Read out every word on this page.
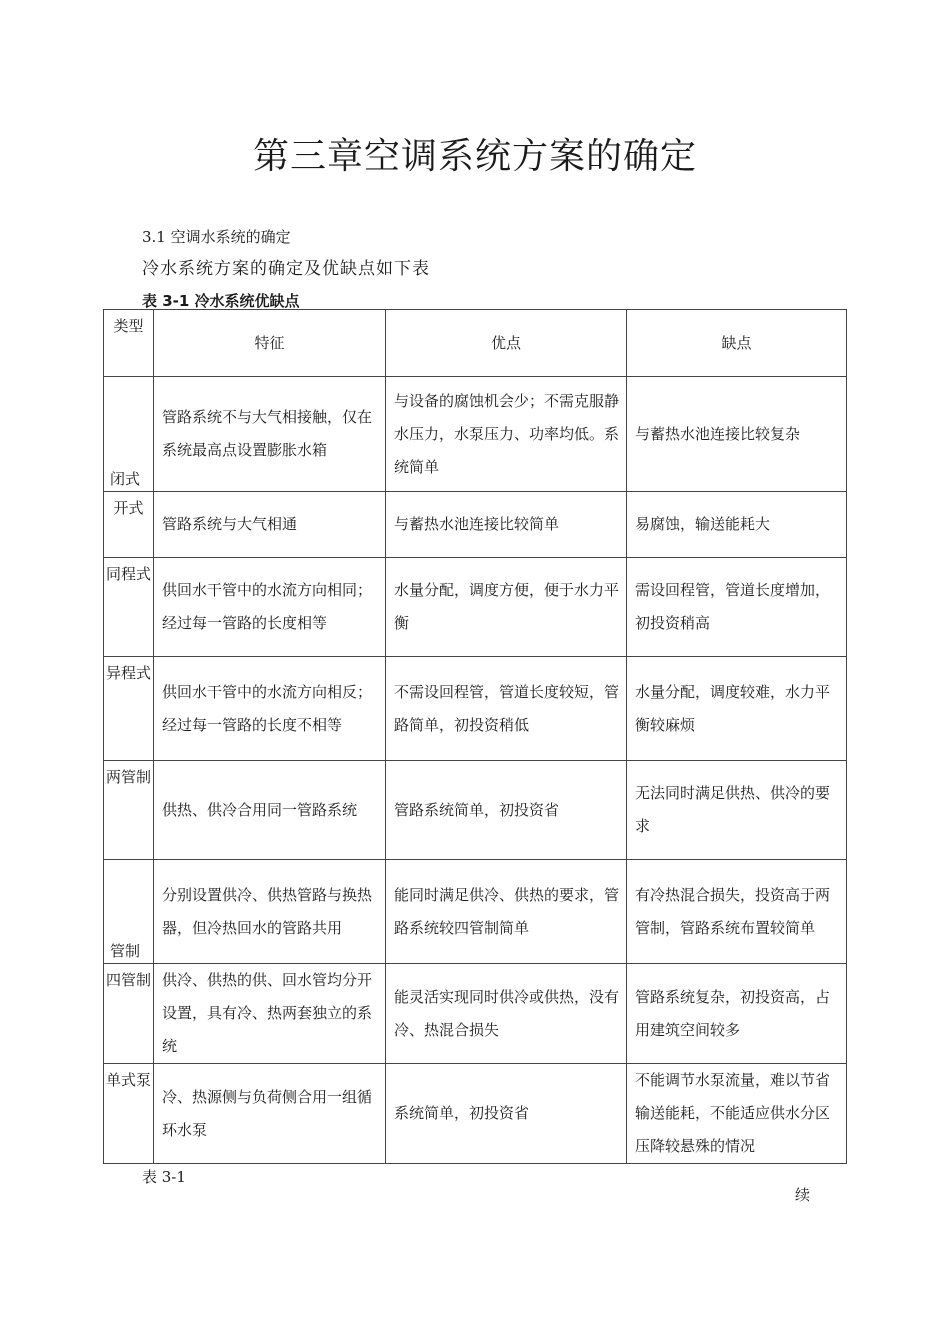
第三章空调系统方案的确定
3.1 空调水系统的确定
冷水系统方案的确定及优缺点如下表
表 3-1 冷水系统优缺点
类型	特征	优点	缺点

闭式	管路系统不与大气相接触，仅在系统最高点设置膨胀水箱	与设备的腐蚀机会少；不需克服静水压力，水泵压力、功率均低。系统简单	与蓄热水池连接比较复杂
开式	管路系统与大气相通	与蓄热水池连接比较简单	易腐蚀，输送能耗大
同程式	供回水干管中的水流方向相同；经过每一管路的长度相等	水量分配，调度方便，便于水力平衡	需设回程管，管道长度增加，初投资稍高
异程式	供回水干管中的水流方向相反；经过每一管路的长度不相等	不需设回程管，管道长度较短，管路简单，初投资稍低	水量分配，调度较难，水力平衡较麻烦
两管制	供热、供冷合用同一管路系统	管路系统简单，初投资省	无法同时满足供热、供冷的要求

管制	分别设置供冷、供热管路与换热器，但冷热回水的管路共用	能同时满足供冷、供热的要求，管路系统较四管制简单	有冷热混合损失，投资高于两管制，管路系统布置较简单
四管制	供冷、供热的供、回水管均分开设置，具有冷、热两套独立的系统	能灵活实现同时供冷或供热，没有冷、热混合损失	管路系统复杂，初投资高，占用建筑空间较多
单式泵	冷、热源侧与负荷侧合用一组循环水泵	系统简单，初投资省	不能调节水泵流量，难以节省输送能耗，不能适应供水分区压降较悬殊的情况
表 3-1
续
